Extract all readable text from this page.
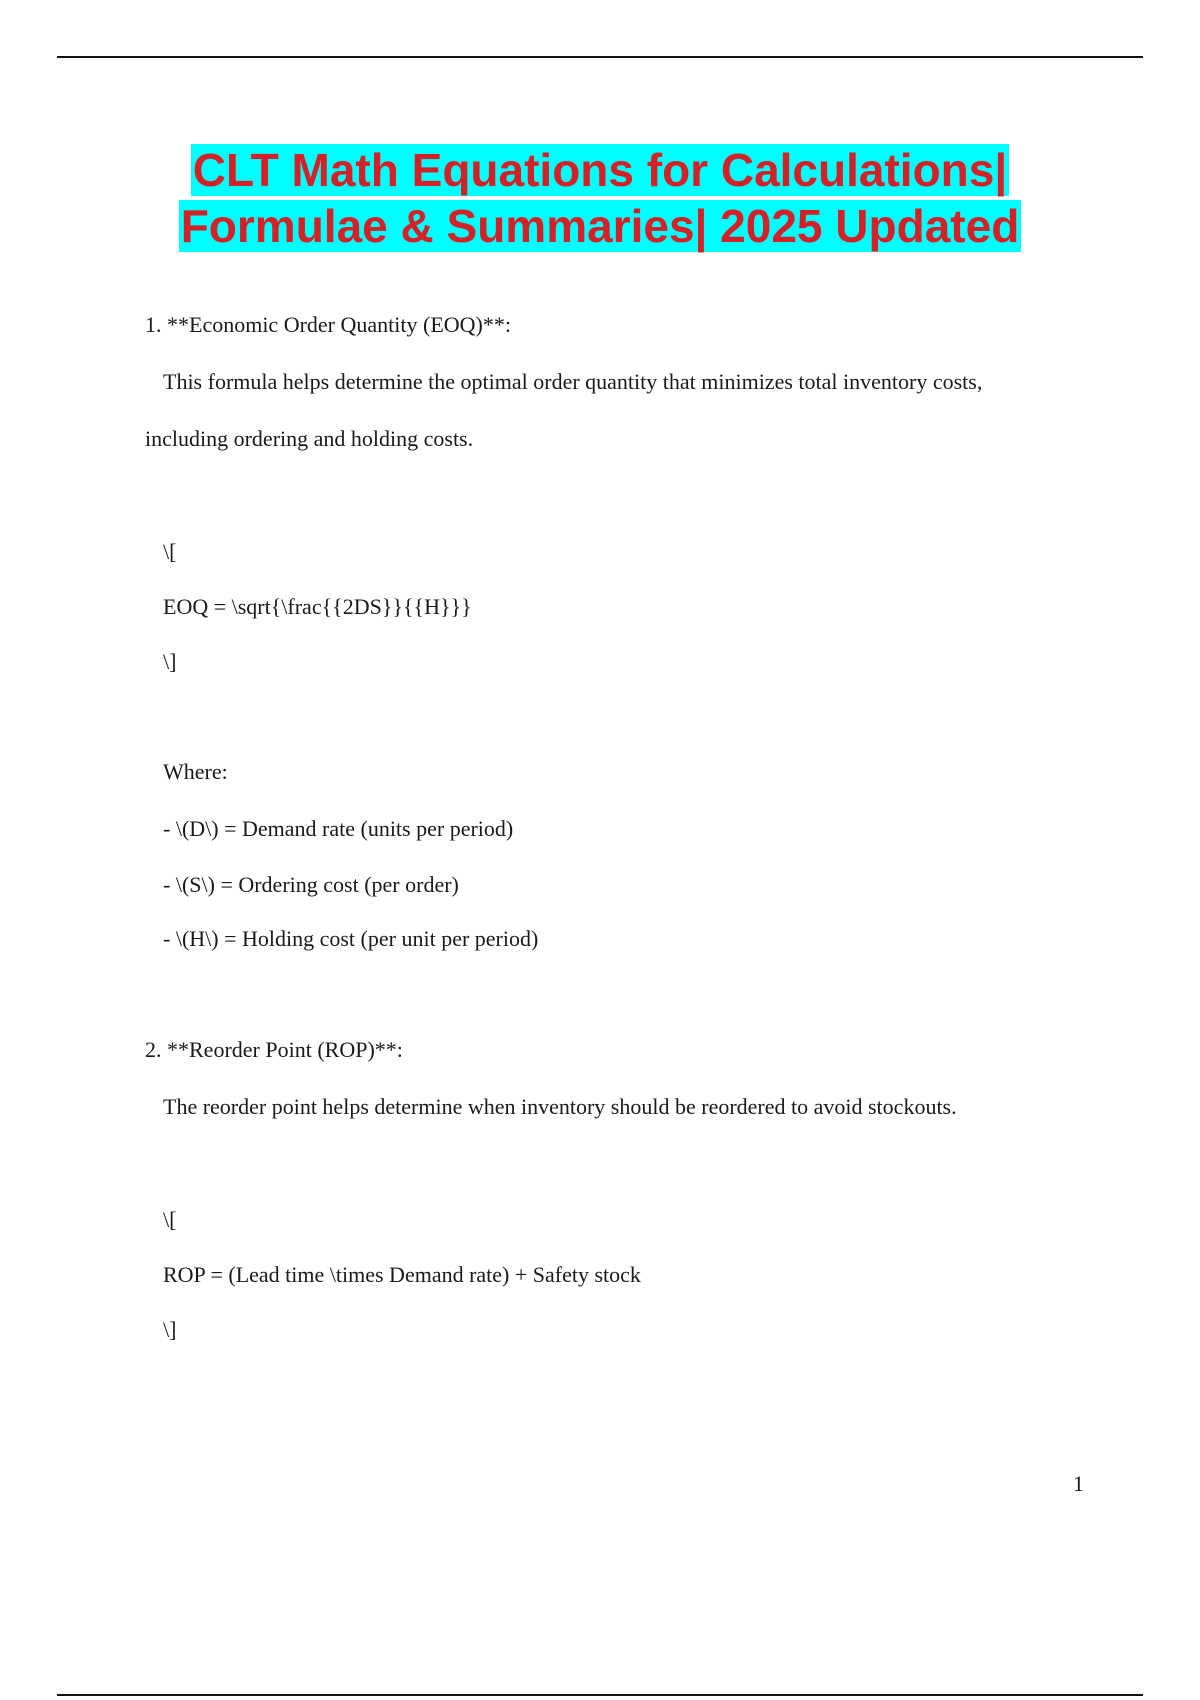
CLT Math Equations for Calculations|
Formulae & Summaries| 2025 Updated
1. **Economic Order Quantity (EOQ)**:
This formula helps determine the optimal order quantity that minimizes total inventory costs,
including ordering and holding costs.
\[
EOQ = \sqrt{\frac{{2DS}}{{H}}}
\]
Where:
- \(D\) = Demand rate (units per period)
- \(S\) = Ordering cost (per order)
- \(H\) = Holding cost (per unit per period)
2. **Reorder Point (ROP)**:
The reorder point helps determine when inventory should be reordered to avoid stockouts.
\[
ROP = (Lead time \times Demand rate) + Safety stock
\]
1
